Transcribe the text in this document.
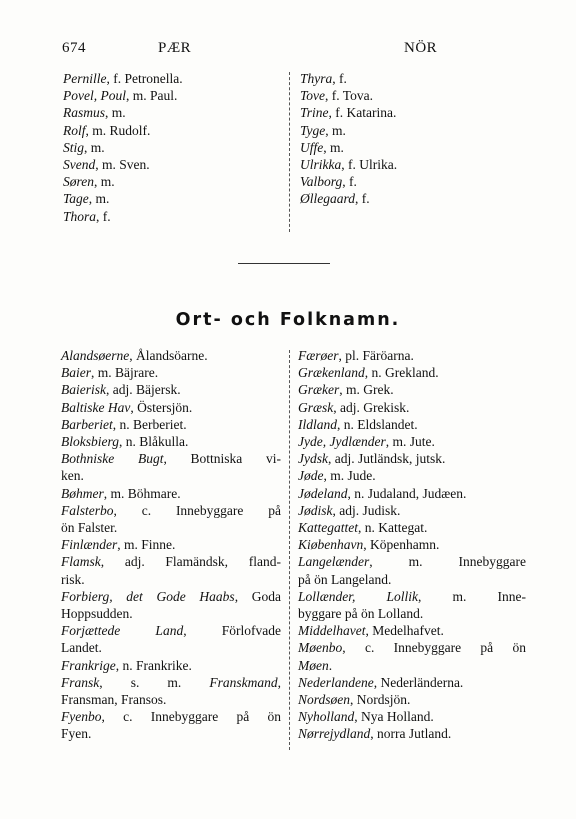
674	PÆR	NÖR
Pernille, f. Petronella.
Povel, Poul, m. Paul.
Rasmus, m.
Rolf, m. Rudolf.
Stig, m.
Svend, m. Sven.
Søren, m.
Tage, m.
Thora, f.
Thyra, f.
Tove, f. Tova.
Trine, f. Katarina.
Tyge, m.
Uffe, m.
Ulrikka, f. Ulrika.
Valborg, f.
Øllegaard, f.
Ort- och Folknamn.
Alandsøerne, Ålandsöarne.
Baier, m. Bäjrare.
Baierisk, adj. Bäjersk.
Baltiske Hav, Östersjön.
Barberiet, n. Berberiet.
Bloksbierg, n. Blåkulla.
Bothniske Bugt, Bottniska vi-
ken.
Bøhmer, m. Böhmare.
Falsterbo, c. Innebyggare på
ön Falster.
Finlænder, m. Finne.
Flamsk, adj. Flamändsk, fland-
risk.
Forbierg, det Gode Haabs, Goda
Hoppsudden.
Forjættede Land, Förlofvade
Landet.
Frankrige, n. Frankrike.
Fransk, s. m. Franskmand,
Fransman, Fransos.
Fyenbo, c. Innebyggare på ön
Fyen.
Færøer, pl. Färöarna.
Grækenland, n. Grekland.
Græker, m. Grek.
Græsk, adj. Grekisk.
Ildland, n. Eldslandet.
Jyde, Jydlænder, m. Jute.
Jydsk, adj. Jutländsk, jutsk.
Jøde, m. Jude.
Jødeland, n. Judaland, Judæen.
Jødisk, adj. Judisk.
Kattegattet, n. Kattegat.
Kiøbenhavn, Köpenhamn.
Langelænder, m. Innebyggare
på ön Langeland.
Lollænder, Lollik, m. Inne-
byggare på ön Lolland.
Middelhavet, Medelhafvet.
Møenbo, c. Innebyggare på ön
Møen.
Nederlandene, Nederländerna.
Nordsøen, Nordsjön.
Nyholland, Nya Holland.
Nørrejydland, norra Jutland.
